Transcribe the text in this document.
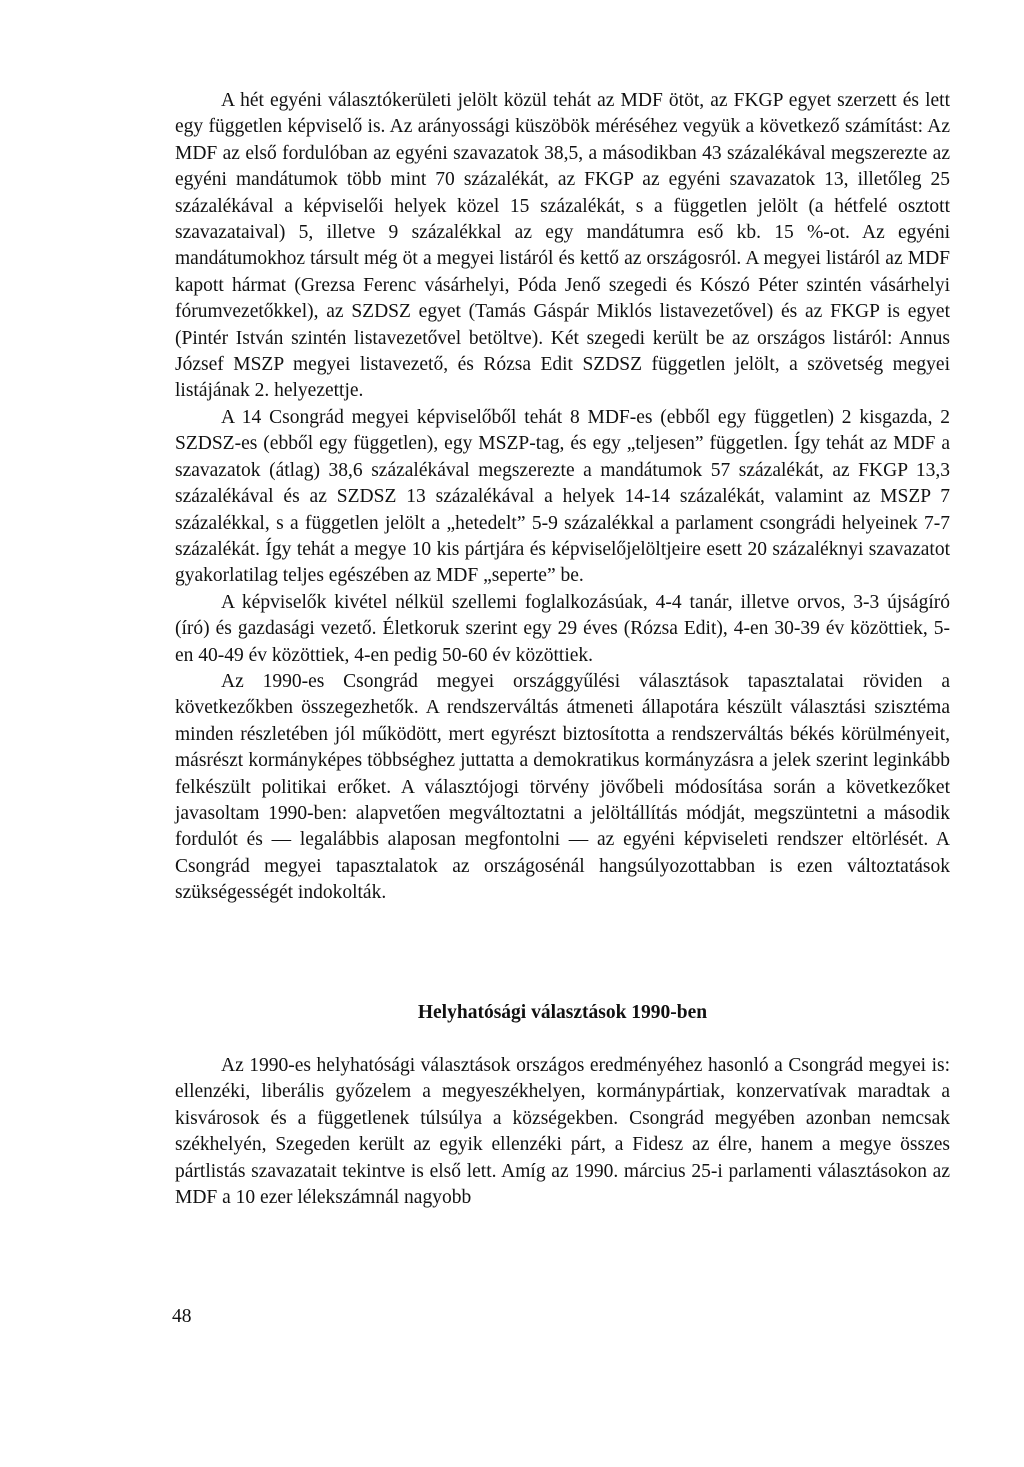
A hét egyéni választókerületi jelölt közül tehát az MDF ötöt, az FKGP egyet szerzett és lett egy független képviselő is. Az arányossági küszöbök méréséhez vegyük a következő számítást: Az MDF az első fordulóban az egyéni szavazatok 38,5, a másodikban 43 százalékával megszerezte az egyéni mandátumok több mint 70 százalékát, az FKGP az egyéni szavazatok 13, illetőleg 25 százalékával a képviselői helyek közel 15 százalékát, s a független jelölt (a hétfelé osztott szavazataival) 5, illetve 9 százalékkal az egy mandátumra eső kb. 15 %-ot. Az egyéni mandátumokhoz társult még öt a megyei listáról és kettő az országosról. A megyei listáról az MDF kapott hármat (Grezsa Ferenc vásárhelyi, Póda Jenő szegedi és Kószó Péter szintén vásárhelyi fórumvezetőkkel), az SZDSZ egyet (Tamás Gáspár Miklós listavezetővel) és az FKGP is egyet (Pintér István szintén listavezetővel betöltve). Két szegedi került be az országos listáról: Annus József MSZP megyei listavezető, és Rózsa Edit SZDSZ független jelölt, a szövetség megyei listájának 2. helyezettje.

A 14 Csongrád megyei képviselőből tehát 8 MDF-es (ebből egy független) 2 kisgazda, 2 SZDSZ-es (ebből egy független), egy MSZP-tag, és egy „teljesen” független. Így tehát az MDF a szavazatok (átlag) 38,6 százalékával megszerezte a mandátumok 57 százalékát, az FKGP 13,3 százalékával és az SZDSZ 13 százalékával a helyek 14-14 százalékát, valamint az MSZP 7 százalékkal, s a független jelölt a „hetedelt” 5-9 százalékkal a parlament csongrádi helyeinek 7-7 százalékát. Így tehát a megye 10 kis pártjára és képviselőjelöltjeire esett 20 százaléknyi szavazatot gyakorlatilag teljes egészében az MDF „seperte” be.

A képviselők kivétel nélkül szellemi foglalkozásúak, 4-4 tanár, illetve orvos, 3-3 újságíró (író) és gazdasági vezető. Életkoruk szerint egy 29 éves (Rózsa Edit), 4-en 30-39 év közöttiek, 5-en 40-49 év közöttiek, 4-en pedig 50-60 év közöttiek.

Az 1990-es Csongrád megyei országgyűlési választások tapasztalatai röviden a következőkben összegezhetők. A rendszerváltás átmeneti állapotára készült választási szisztéma minden részletében jól működött, mert egyrészt biztosította a rendszerváltás békés körülményeit, másrészt kormányképes többséghez juttatta a demokratikus kormányzásra a jelek szerint leginkább felkészült politikai erőket. A választójogi törvény jövőbeli módosítása során a következőket javasoltam 1990-ben: alapvetően megváltoztatni a jelöltállítás módját, megszüntetni a második fordulót és — legalábbis alaposan megfontolni — az egyéni képviseleti rendszer eltörlését. A Csongrád megyei tapasztalatok az országosénál hangsúlyozottabban is ezen változtatások szükségességét indokolták.

Helyhatósági választások 1990-ben

Az 1990-es helyhatósági választások országos eredményéhez hasonló a Csongrád megyei is: ellenzéki, liberális győzelem a megyeszékhelyen, kormánypártiak, konzervatívak maradtak a kisvárosok és a függetlenek túlsúlya a községekben. Csongrád megyében azonban nemcsak székhelyén, Szegeden került az egyik ellenzéki párt, a Fidesz az élre, hanem a megye összes pártlistás szavazatait tekintve is első lett. Amíg az 1990. március 25-i parlamenti választásokon az MDF a 10 ezer lélekszámnál nagyobb

48
